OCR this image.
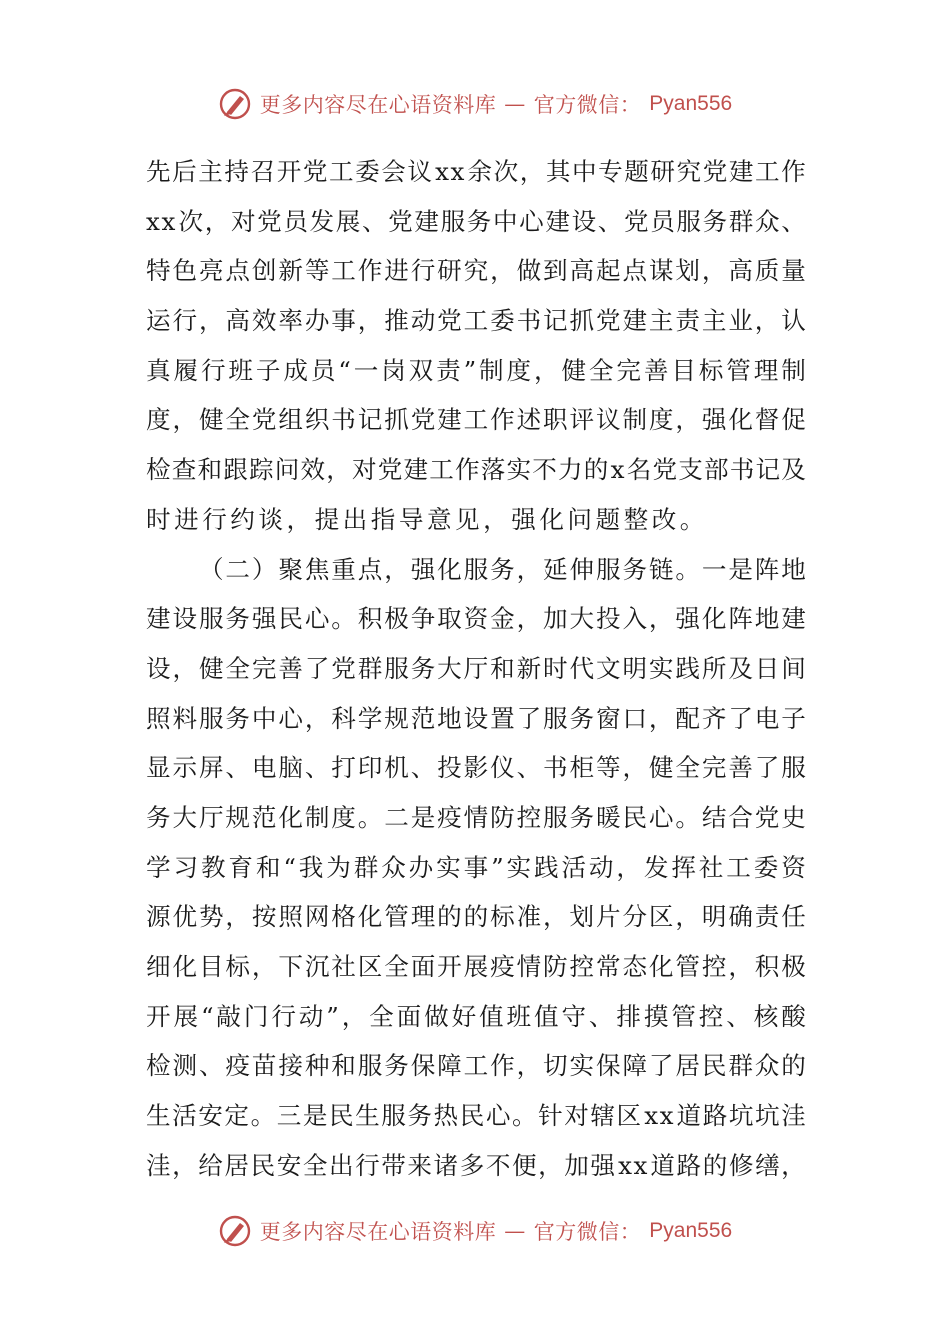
更多内容尽在心语资料库 — 官方微信： Pyan556
先 后 主 持 召 开 党 工 委 会 议 x x 余 次 ， 其 中 专 题 研 究 党 建 工 作
x x 次 ， 对 党 员 发 展 、 党 建 服 务 中 心 建 设 、 党 员 服 务 群 众 、
特 色 亮 点 创 新 等 工 作 进 行 研 究 ， 做 到 高 起 点 谋 划 ， 高 质 量
运 行 ， 高 效 率 办 事 ， 推 动 党 工 委 书 记 抓 党 建 主 责 主 业 ， 认
真 履 行 班 子 成 员 “ 一 岗 双 责 ” 制 度 ， 健 全 完 善 目 标 管 理 制
度 ， 健 全 党 组 织 书 记 抓 党 建 工 作 述 职 评 议 制 度 ， 强 化 督 促
检 查 和 跟 踪 问 效 ， 对 党 建 工 作 落 实 不 力 的 x 名 党 支 部 书 记 及
时进行约谈，提出指导意见，强化问题整改。

（ 二 ） 聚 焦 重 点 ， 强 化 服 务 ， 延 伸 服 务 链 。 一 是 阵 地
建 设 服 务 强 民 心 。 积 极 争 取 资 金 ， 加 大 投 入 ， 强 化 阵 地 建
设 ， 健 全 完 善 了 党 群 服 务 大 厅 和 新 时 代 文 明 实 践 所 及 日 间
照 料 服 务 中 心 ， 科 学 规 范 地 设 置 了 服 务 窗 口 ， 配 齐 了 电 子
显 示 屏 、 电 脑 、 打 印 机 、 投 影 仪 、 书 柜 等 ， 健 全 完 善 了 服
务 大 厅 规 范 化 制 度 。 二 是 疫 情 防 控 服 务 暖 民 心 。 结 合 党 史
学 习 教 育 和 “ 我 为 群 众 办 实 事 ” 实 践 活 动 ， 发 挥 社 工 委 资
源 优 势 ， 按 照 网 格 化 管 理 的 的 标 准 ， 划 片 分 区 ， 明 确 责 任
细 化 目 标 ， 下 沉 社 区 全 面 开 展 疫 情 防 控 常 态 化 管 控 ， 积 极
开 展 “ 敲 门 行 动 ” ， 全 面 做 好 值 班 值 守 、 排 摸 管 控 、 核 酸
检 测 、 疫 苗 接 种 和 服 务 保 障 工 作 ， 切 实 保 障 了 居 民 群 众 的
生 活 安 定 。 三 是 民 生 服 务 热 民 心 。 针 对 辖 区 x x 道 路 坑 坑 洼
洼 ， 给 居 民 安 全 出 行 带 来 诸 多 不 便 ， 加 强 x x 道 路 的 修 缮 ，
更多内容尽在心语资料库 — 官方微信： Pyan556
